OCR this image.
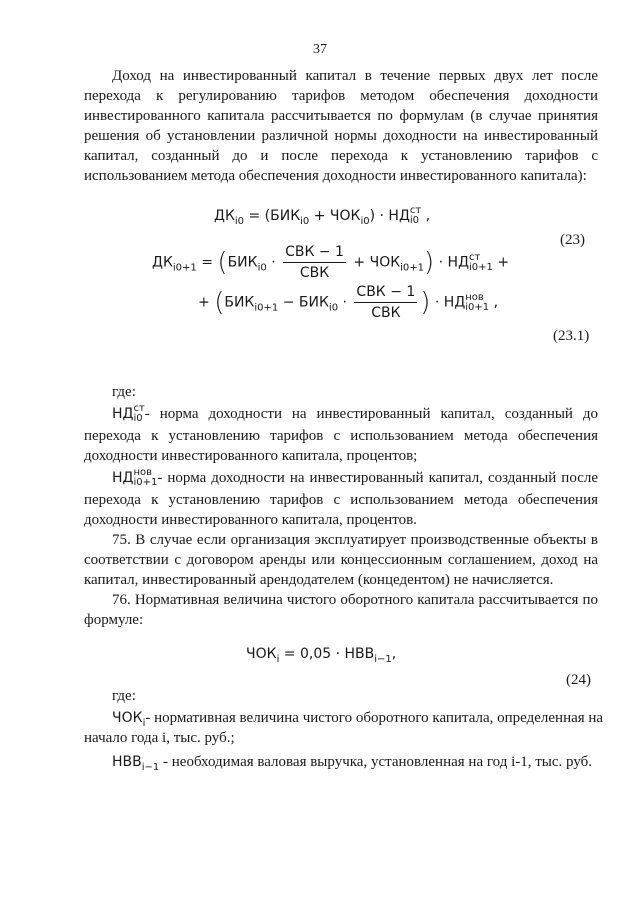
37
Доход на инвестированный капитал в течение первых двух лет после
перехода к регулированию тарифов методом обеспечения доходности
инвестированного капитала рассчитывается по формулам (в случае принятия
решения об установлении различной нормы доходности на инвестированный
капитал, созданный до и после перехода к установлению тарифов с
использованием метода обеспечения доходности инвестированного капитала):
$ДК_{i0} = (БИК_{i0} + ЧОК_{i0})$ · НД ст
i0 ,
(23)
$ДК_{i0+1} = (БИК_{i0} \cdot \frac{\text{СВК − 1}}{\text{СВК}} + ЧОК_{i0+1})$ · НД ст
i0+1 +
+ ($БИК_{i0+1} - БИК_{i0} \cdot \frac{\text{СВК − 1}}{\text{СВК}}$ ) · НД нов
i0+1 ,
(23.1)
где:
НД ст
i0 - норма доходности на инвестированный капитал, созданный до
перехода к установлению тарифов с использованием метода обеспечения
доходности инвестированного капитала, процентов;
НД нов
i0+1 - норма доходности на инвестированный капитал, созданный после
перехода к установлению тарифов с использованием метода обеспечения
доходности инвестированного капитала, процентов.
75. В случае если организация эксплуатирует производственные объекты в
соответствии с договором аренды или концессионным соглашением, доход на
капитал, инвестированный арендодателем (концедентом) не начисляется.
76. Нормативная величина чистого оборотного капитала рассчитывается по
формуле:
$ЧОК_i = 0,05 \cdot НВВ_{i-1}$,
(24)
где:
$ЧОК_i-$ нормативная величина чистого оборотного капитала, определенная на
начало года i, тыс. руб.;
$НВВ_{i-1}$ - необходимая валовая выручка, установленная на год i-1, тыс. руб.
